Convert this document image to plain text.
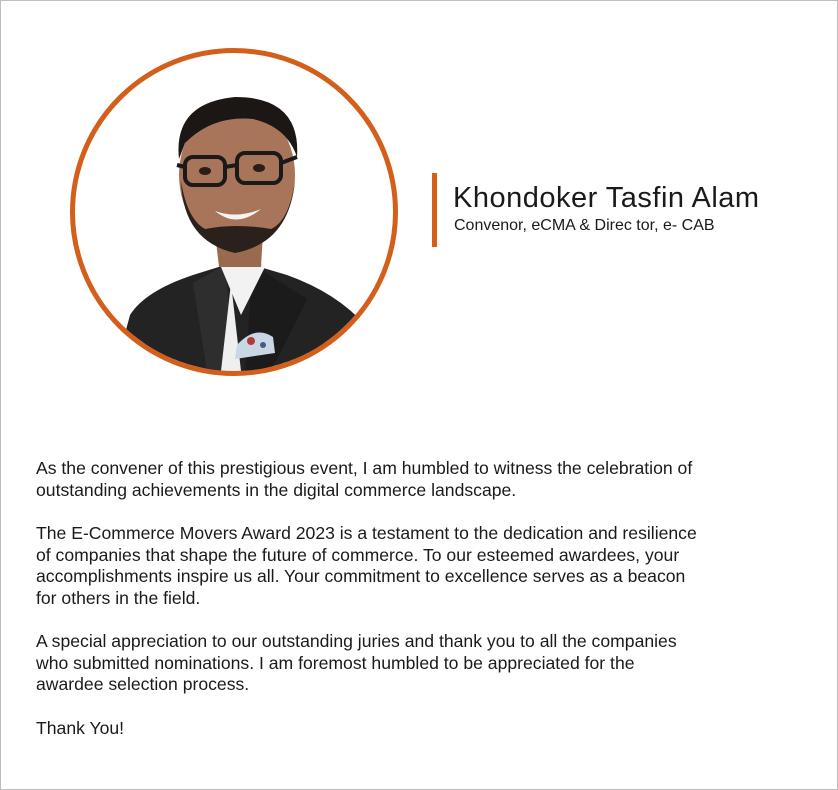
Khondoker Tasfin Alam
Convenor, eCMA & Direc tor, e- CAB

As the convener of this prestigious event, I am humbled to witness the celebration of
outstanding achievements in the digital commerce landscape.

The E-Commerce Movers Award 2023 is a testament to the dedication and resilience
of companies that shape the future of commerce. To our esteemed awardees, your
accomplishments inspire us all. Your commitment to excellence serves as a beacon
for others in the field.

A special appreciation to our outstanding juries and thank you to all the companies
who submitted nominations. I am foremost humbled to be appreciated for the
awardee selection process.

Thank You!
